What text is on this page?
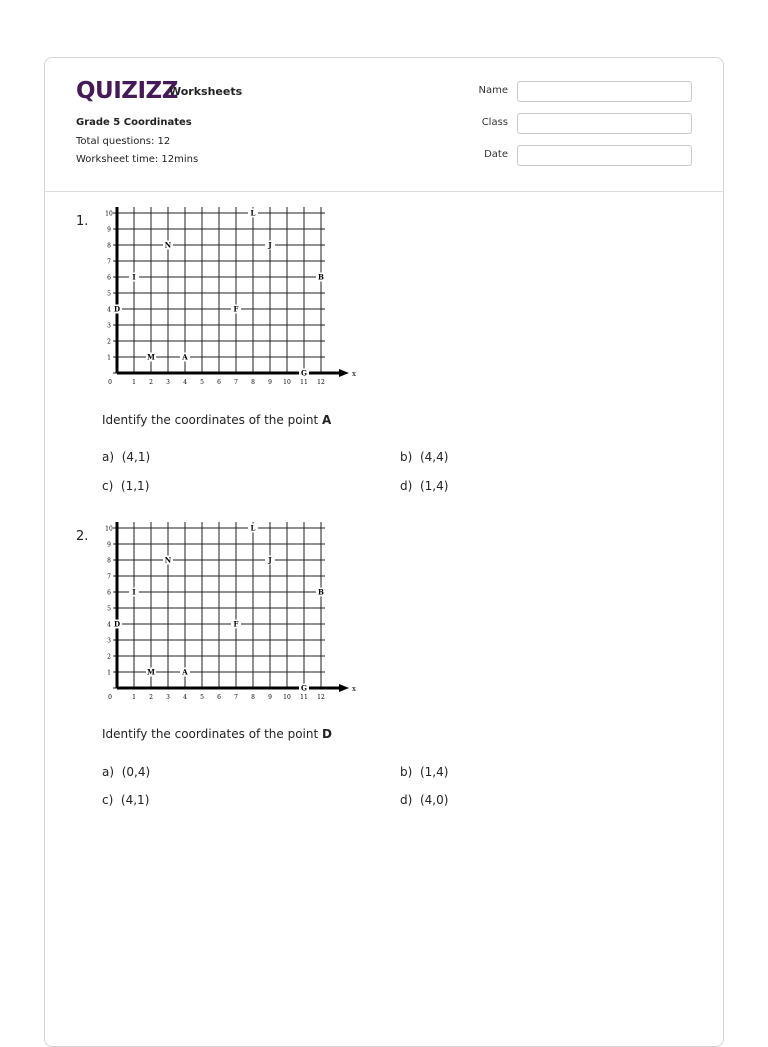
QUIZIZZ
Worksheets
Grade 5 Coordinates
Total questions: 12
Worksheet time: 12mins
Name
Class
Date
1.
x
1
2
3
4
5
6
7
8
9
10
0	1 2 3 4 5 6 7 8 9 10 11 12
L
N	J
I	B
D	F
M	A
G
Identify the coordinates of the point A
a) (4,1)	b) (4,4)
c) (1,1)	d) (1,4)
2.
x
1
2
3
4
5
6
7
8
9
10
0	1 2 3 4 5 6 7 8 9 10 11 12
L
N	J
I	B
D	F
M	A
G
Identify the coordinates of the point D
a) (0,4)	b) (1,4)
c) (4,1)	d) (4,0)
